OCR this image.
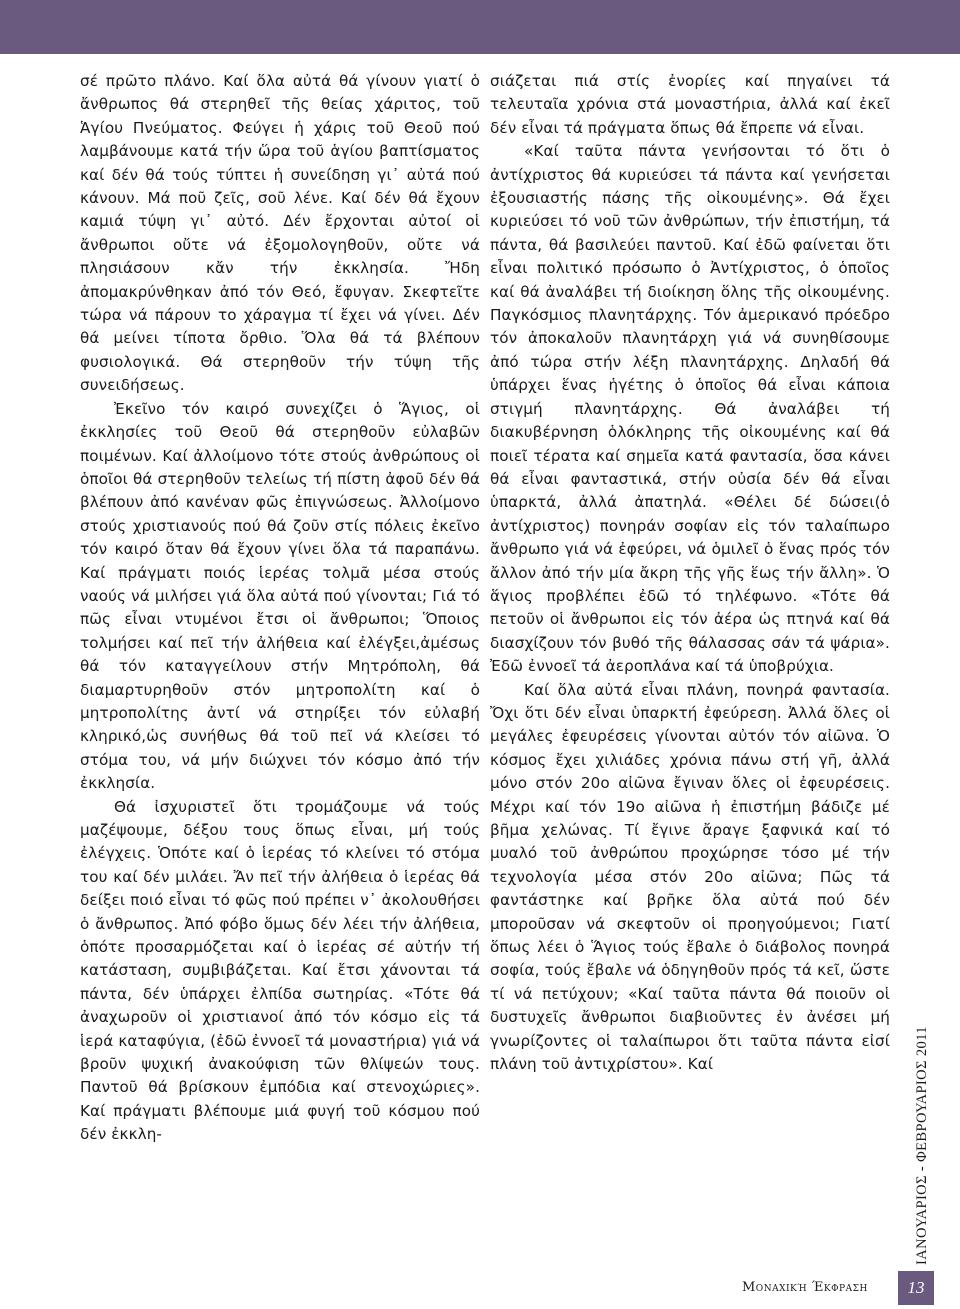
σέ πρῶτο πλάνο. Καί ὅλα αὐτά θά γίνουν γιατί ὁ ἄνθρωπος θά στερηθεῖ τῆς θείας χάριτος, τοῦ Ἁγίου Πνεύματος. Φεύγει ἡ χάρις τοῦ Θεοῦ πού λαμβάνουμε κατά τήν ὥρα τοῦ ἁγίου βαπτίσματος καί δέν θά τούς τύπτει ἡ συνείδηση γι᾽ αὐτά πού κάνουν. Μά ποῦ ζεῖς, σοῦ λένε. Καί δέν θά ἔχουν καμιά τύψη γι᾽ αὐτό. Δέν ἔρχονται αὐτοί οἱ ἄνθρωποι οὔτε νά ἐξομολογηθοῦν, οὔτε νά πλησιάσουν κἄν τήν ἐκκλησία. Ἤδη ἀπομακρύνθηκαν ἀπό τόν Θεό, ἔφυγαν. Σκεφτεῖτε τώρα νά πάρουν το χάραγμα τί ἔχει νά γίνει. Δέν θά μείνει τίποτα ὄρθιο. Ὅλα θά τά βλέπουν φυσιολογικά. Θά στερηθοῦν τήν τύψη τῆς συνειδήσεως.

Ἐκεῖνο τόν καιρό συνεχίζει ὁ Ἅγιος, οἱ ἐκκλησίες τοῦ Θεοῦ θά στερηθοῦν εὐλαβῶν ποιμένων. Καί ἀλλοίμονο τότε στούς ἀνθρώπους οἱ ὁποῖοι θά στερηθοῦν τελείως τή πίστη ἀφοῦ δέν θά βλέπουν ἀπό κανέναν φῶς ἐπιγνώσεως. Ἀλλοίμονο στούς χριστιανούς πού θά ζοῦν στίς πόλεις ἐκεῖνο τόν καιρό ὅταν θά ἔχουν γίνει ὅλα τά παραπάνω. Καί πράγματι ποιός ἱερέας τολμᾶ μέσα στούς ναούς νά μιλήσει γιά ὅλα αὐτά πού γίνονται; Γιά τό πῶς εἶναι ντυμένοι ἔτσι οἱ ἄνθρωποι; Ὅποιος τολμήσει καί πεῖ τήν ἀλήθεια καί ἐλέγξει,ἀμέσως θά τόν καταγγείλουν στήν Μητρόπολη, θά διαμαρτυρηθοῦν στόν μητροπολίτη καί ὁ μητροπολίτης ἀντί νά στηρίξει τόν εὐλαβή κληρικό,ὡς συνήθως θά τοῦ πεῖ νά κλείσει τό στόμα του, νά μήν διώχνει τόν κόσμο ἀπό τήν ἐκκλησία.

Θά ἰσχυριστεῖ ὅτι τρομάζουμε νά τούς μαζέψουμε, δέξου τους ὅπως εἶναι, μή τούς ἐλέγχεις. Ὁπότε καί ὁ ἱερέας τό κλείνει τό στόμα του καί δέν μιλάει. Ἄν πεῖ τήν ἀλήθεια ὁ ἱερέας θά δείξει ποιό εἶναι τό φῶς πού πρέπει ν᾽ ἀκολουθήσει ὁ ἄνθρωπος. Ἀπό φόβο ὅμως δέν λέει τήν ἀλήθεια, ὁπότε προσαρμόζεται καί ὁ ἱερέας σέ αὐτήν τή κατάσταση, συμβιβάζεται. Καί ἔτσι χάνονται τά πάντα, δέν ὑπάρχει ἐλπίδα σωτηρίας. «Τότε θά ἀναχωροῦν οἱ χριστιανοί ἀπό τόν κόσμο εἰς τά ἱερά καταφύγια, (ἐδῶ ἐννοεῖ τά μοναστήρια) γιά νά βροῦν ψυχική ἀνακούφιση τῶν θλίψεών τους. Παντοῦ θά βρίσκουν ἐμπόδια καί στενοχώριες». Καί πράγματι βλέπουμε μιά φυγή τοῦ κόσμου πού δέν ἐκκλη-

σιάζεται πιά στίς ἐνορίες καί πηγαίνει τά τελευταῖα χρόνια στά μοναστήρια, ἀλλά καί ἐκεῖ δέν εἶναι τά πράγματα ὅπως θά ἔπρεπε νά εἶναι.

«Καί ταῦτα πάντα γενήσονται τό ὅτι ὁ ἀντίχριστος θά κυριεύσει τά πάντα καί γενήσεται ἐξουσιαστής πάσης τῆς οἰκουμένης». Θά ἔχει κυριεύσει τό νοῦ τῶν ἀνθρώπων, τήν ἐπιστήμη, τά πάντα, θά βασιλεύει παντοῦ. Καί ἐδῶ φαίνεται ὅτι εἶναι πολιτικό πρόσωπο ὁ Ἀντίχριστος, ὁ ὁποῖος καί θά ἀναλάβει τή διοίκηση ὅλης τῆς οἰκουμένης. Παγκόσμιος πλανητάρχης. Τόν ἀμερικανό πρόεδρο τόν ἀποκαλοῦν πλανητάρχη γιά νά συνηθίσουμε ἀπό τώρα στήν λέξη πλανητάρχης. Δηλαδή θά ὑπάρχει ἕνας ἡγέτης ὁ ὁποῖος θά εἶναι κάποια στιγμή πλανητάρχης. Θά ἀναλάβει τή διακυβέρνηση ὁλόκληρης τῆς οἰκουμένης καί θά ποιεῖ τέρατα καί σημεῖα κατά φαντασία, ὅσα κάνει θά εἶναι φανταστικά, στήν οὐσία δέν θά εἶναι ὑπαρκτά, ἀλλά ἀπατηλά. «Θέλει δέ δώσει(ὁ ἀντίχριστος) πονηράν σοφίαν εἰς τόν ταλαίπωρο ἄνθρωπο γιά νά ἐφεύρει, νά ὁμιλεῖ ὁ ἕνας πρός τόν ἄλλον ἀπό τήν μία ἄκρη τῆς γῆς ἕως τήν ἄλλη». Ὁ ἅγιος προβλέπει ἐδῶ τό τηλέφωνο. «Τότε θά πετοῦν οἱ ἄνθρωποι εἰς τόν ἀέρα ὡς πτηνά καί θά διασχίζουν τόν βυθό τῆς θάλασσας σάν τά ψάρια». Ἐδῶ ἐννοεῖ τά ἀεροπλάνα καί τά ὑποβρύχια.

Καί ὅλα αὐτά εἶναι πλάνη, πονηρά φαντασία. Ὄχι ὅτι δέν εἶναι ὑπαρκτή ἐφεύρεση. Ἀλλά ὅλες οἱ μεγάλες ἐφευρέσεις γίνονται αὐτόν τόν αἰῶνα. Ὁ κόσμος ἔχει χιλιάδες χρόνια πάνω στή γῆ, ἀλλά μόνο στόν 20ο αἰῶνα ἔγιναν ὅλες οἱ ἐφευρέσεις. Μέχρι καί τόν 19ο αἰῶνα ἡ ἐπιστήμη βάδιζε μέ βῆμα χελώνας. Τί ἔγινε ἄραγε ξαφνικά καί τό μυαλό τοῦ ἀνθρώπου προχώρησε τόσο μέ τήν τεχνολογία μέσα στόν 20ο αἰῶνα; Πῶς τά φαντάστηκε καί βρῆκε ὅλα αὐτά πού δέν μποροῦσαν νά σκεφτοῦν οἱ προηγούμενοι; Γιατί ὅπως λέει ὁ Ἅγιος τούς ἔβαλε ὁ διάβολος πονηρά σοφία, τούς ἔβαλε νά ὁδηγηθοῦν πρός τά κεῖ, ὥστε τί νά πετύχουν; «Καί ταῦτα πάντα θά ποιοῦν οἱ δυστυχεῖς ἄνθρωποι διαβιοῦντες ἐν ἀνέσει μή γνωρίζοντες οἱ ταλαίπωροι ὅτι ταῦτα πάντα εἰσί πλάνη τοῦ ἀντιχρίστου». Καί	ΙΑΝΟΥΑΡΙΟΣ - ΦΕΒΡΟΥΑΡΙΟΣ 2011
Μοναχική Έκφραση	13
